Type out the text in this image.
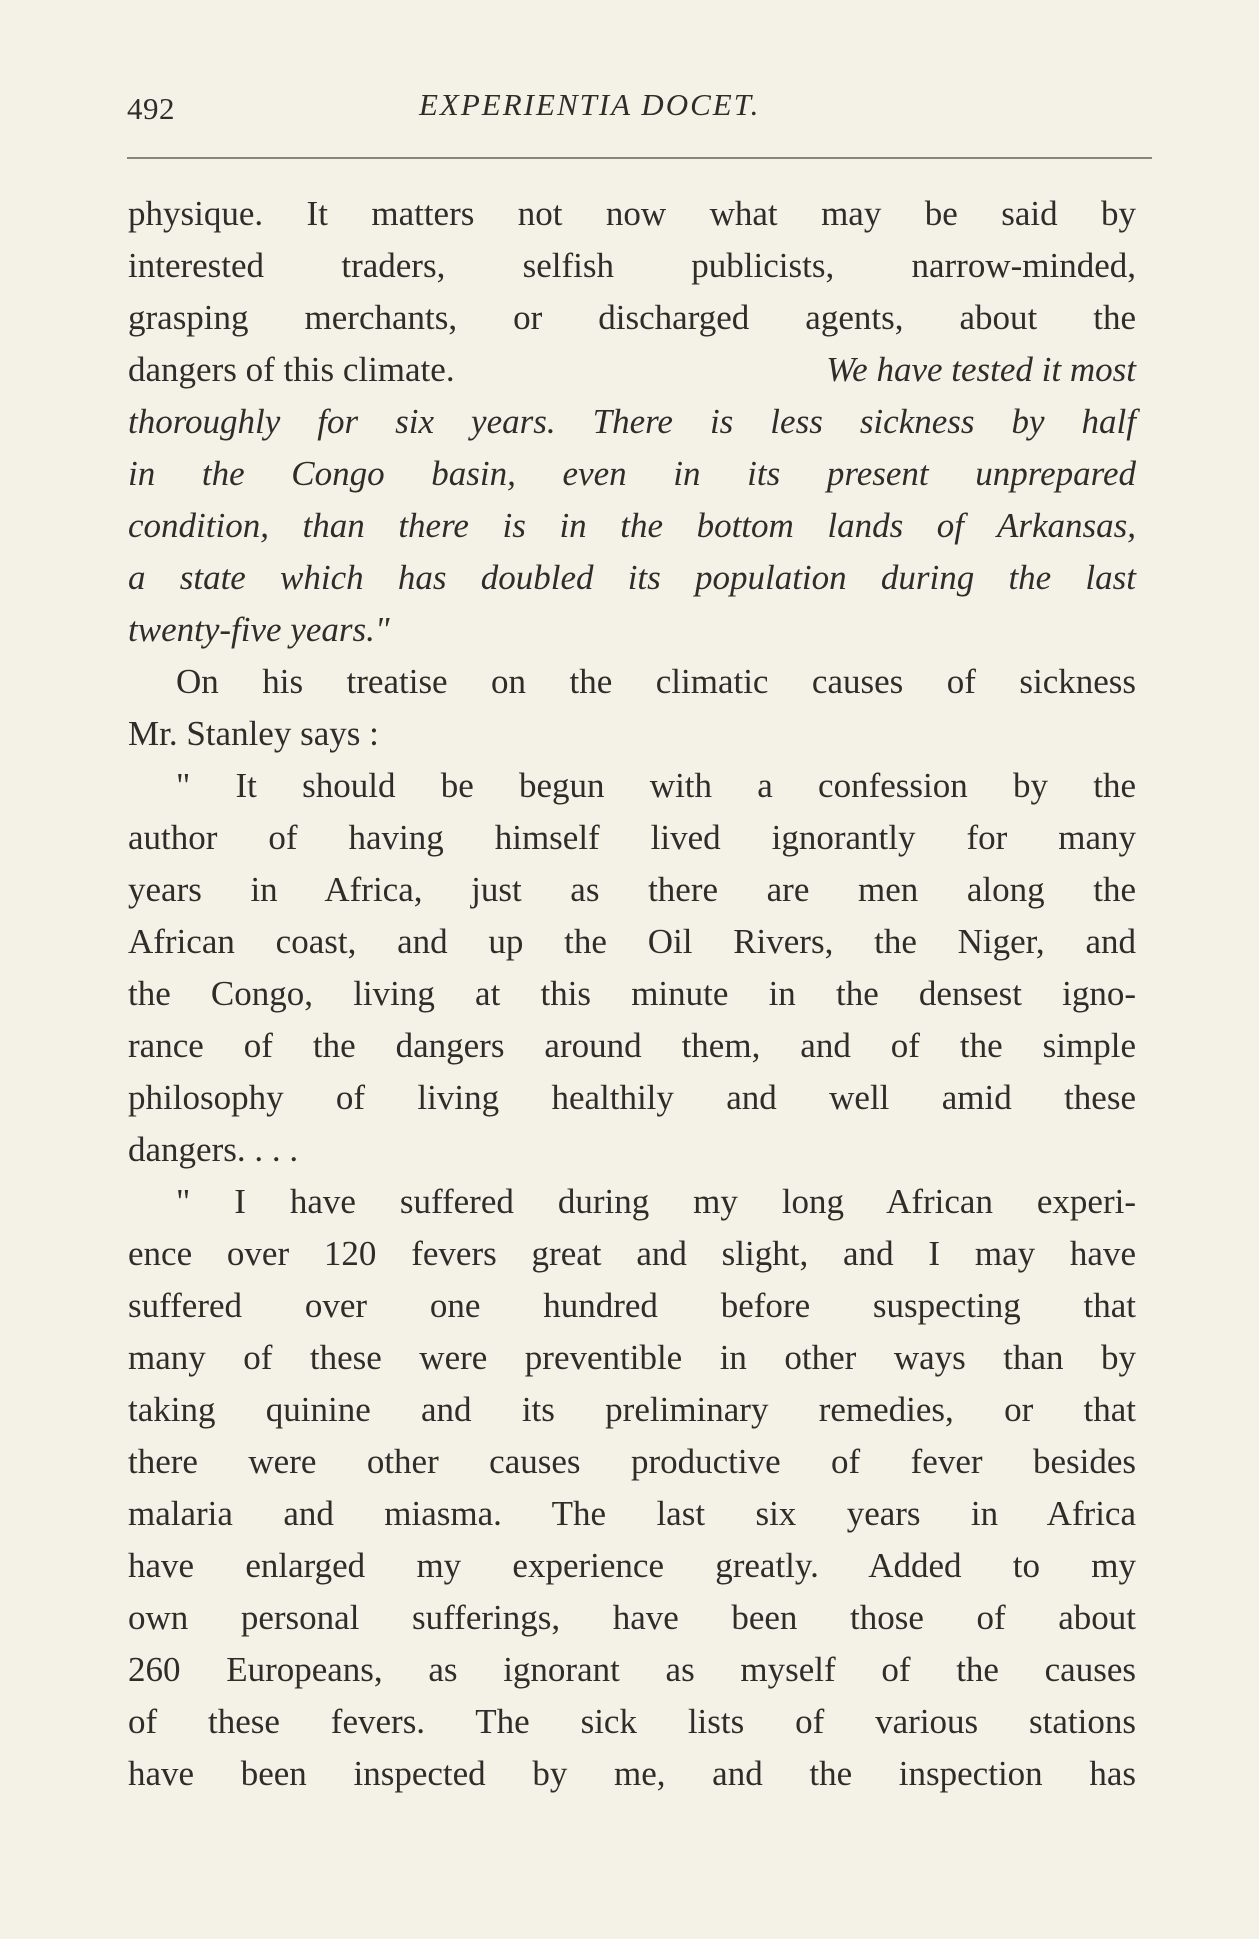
492	EXPERIENTIA DOCET.
physique. It matters not now what may be said by
interested traders, selfish publicists, narrow-minded,
grasping merchants, or discharged agents, about the
dangers of this climate.	We have tested it most
thoroughly for six years. There is less sickness by half
in the Congo basin, even in its present unprepared
condition, than there is in the bottom lands of Arkansas,
a state which has doubled its population during the last
twenty-five years."
On his treatise on the climatic causes of sickness
Mr. Stanley says :
" It should be begun with a confession by the
author of having himself lived ignorantly for many
years in Africa, just as there are men along the
African coast, and up the Oil Rivers, the Niger, and
the Congo, living at this minute in the densest igno-
rance of the dangers around them, and of the simple
philosophy of living healthily and well amid these
dangers. . . .
" I have suffered during my long African experi-
ence over 120 fevers great and slight, and I may have
suffered over one hundred before suspecting that
many of these were preventible in other ways than by
taking quinine and its preliminary remedies, or that
there were other causes productive of fever besides
malaria and miasma. The last six years in Africa
have enlarged my experience greatly. Added to my
own personal sufferings, have been those of about
260 Europeans, as ignorant as myself of the causes
of these fevers. The sick lists of various stations
have been inspected by me, and the inspection has
